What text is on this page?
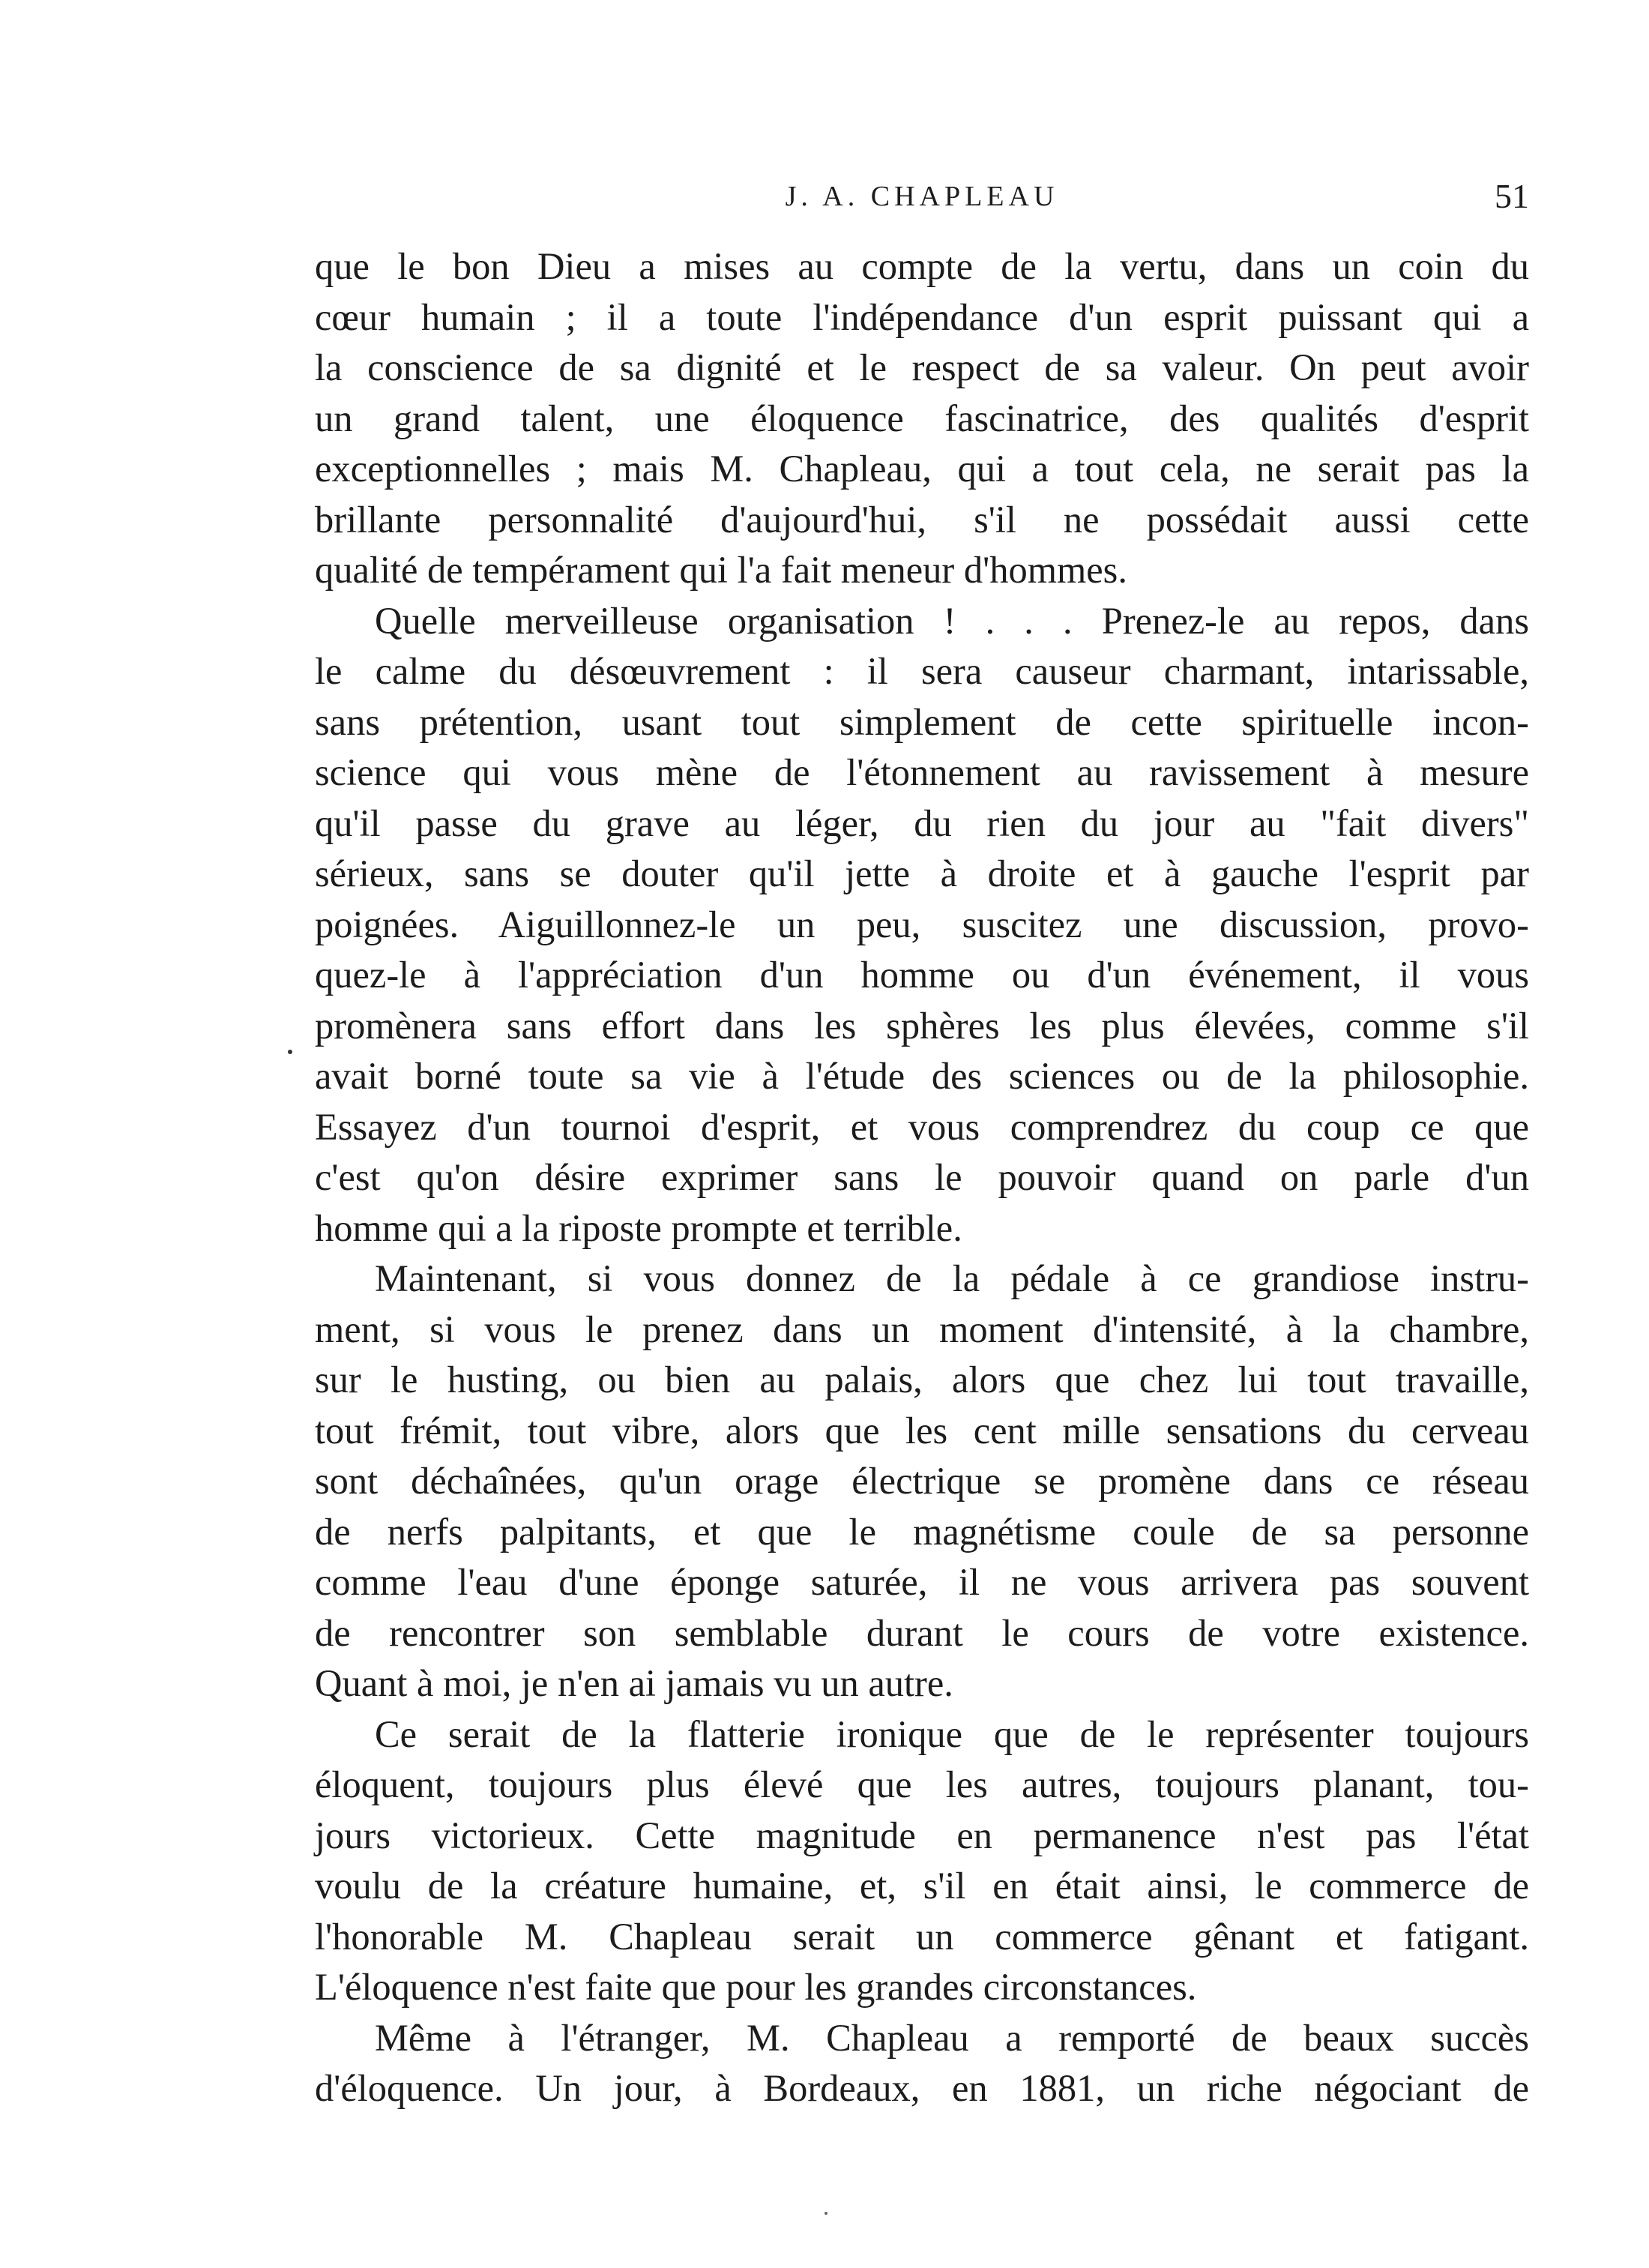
J. A. CHAPLEAU	51

que le bon Dieu a mises au compte de la vertu, dans un coin du
cœur humain ; il a toute l'indépendance d'un esprit puissant qui a
la conscience de sa dignité et le respect de sa valeur. On peut avoir
un grand talent, une éloquence fascinatrice, des qualités d'esprit
exceptionnelles ; mais M. Chapleau, qui a tout cela, ne serait pas la
brillante personnalité d'aujourd'hui, s'il ne possédait aussi cette
qualité de tempérament qui l'a fait meneur d'hommes.

Quelle merveilleuse organisation ! . . . Prenez-le au repos, dans
le calme du désœuvrement : il sera causeur charmant, intarissable,
sans prétention, usant tout simplement de cette spirituelle incon-
science qui vous mène de l'étonnement au ravissement à mesure
qu'il passe du grave au léger, du rien du jour au "fait divers"
sérieux, sans se douter qu'il jette à droite et à gauche l'esprit par
poignées. Aiguillonnez-le un peu, suscitez une discussion, provo-
quez-le à l'appréciation d'un homme ou d'un événement, il vous
promènera sans effort dans les sphères les plus élevées, comme s'il
avait borné toute sa vie à l'étude des sciences ou de la philosophie.
Essayez d'un tournoi d'esprit, et vous comprendrez du coup ce que
c'est qu'on désire exprimer sans le pouvoir quand on parle d'un
homme qui a la riposte prompte et terrible.

Maintenant, si vous donnez de la pédale à ce grandiose instru-
ment, si vous le prenez dans un moment d'intensité, à la chambre,
sur le husting, ou bien au palais, alors que chez lui tout travaille,
tout frémit, tout vibre, alors que les cent mille sensations du cerveau
sont déchaînées, qu'un orage électrique se promène dans ce réseau
de nerfs palpitants, et que le magnétisme coule de sa personne
comme l'eau d'une éponge saturée, il ne vous arrivera pas souvent
de rencontrer son semblable durant le cours de votre existence.
Quant à moi, je n'en ai jamais vu un autre.

Ce serait de la flatterie ironique que de le représenter toujours
éloquent, toujours plus élevé que les autres, toujours planant, tou-
jours victorieux. Cette magnitude en permanence n'est pas l'état
voulu de la créature humaine, et, s'il en était ainsi, le commerce de
l'honorable M. Chapleau serait un commerce gênant et fatigant.
L'éloquence n'est faite que pour les grandes circonstances.

Même à l'étranger, M. Chapleau a remporté de beaux succès
d'éloquence. Un jour, à Bordeaux, en 1881, un riche négociant de
